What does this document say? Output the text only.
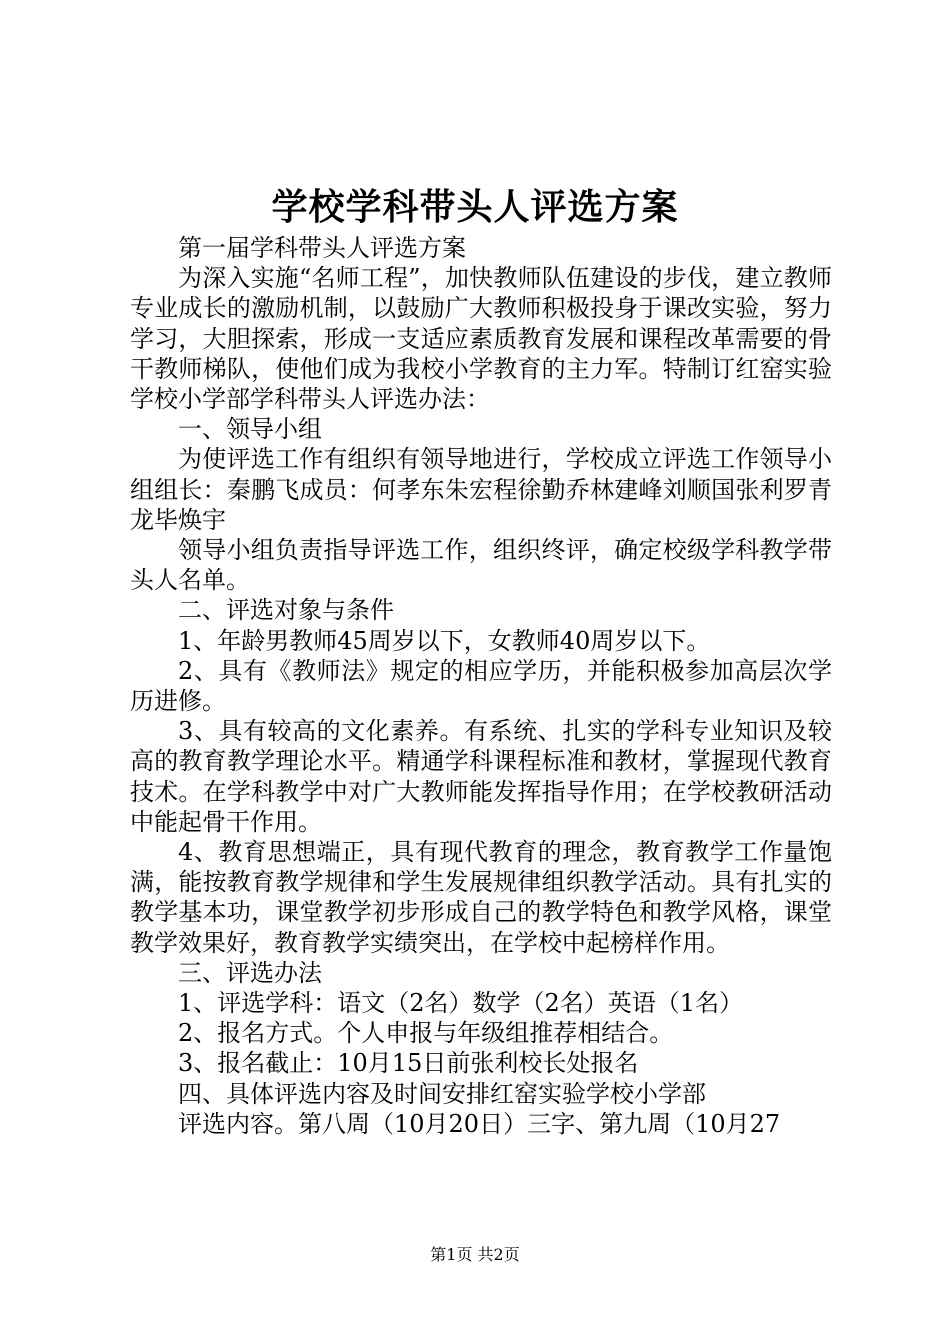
学校学科带头人评选方案

第一届学科带头人评选方案

为深入实施“名师工程”，加快教师队伍建设的步伐，建立教师专业成长的激励机制，以鼓励广大教师积极投身于课改实验，努力学习，大胆探索，形成一支适应素质教育发展和课程改革需要的骨干教师梯队，使他们成为我校小学教育的主力军。特制订红窑实验学校小学部学科带头人评选办法：

一、领导小组

为使评选工作有组织有领导地进行，学校成立评选工作领导小组组长：秦鹏飞成员：何孝东朱宏程徐勤乔林建峰刘顺国张利罗青龙毕焕宇

领导小组负责指导评选工作，组织终评，确定校级学科教学带头人名单。

二、评选对象与条件

1、年龄男教师45周岁以下，女教师40周岁以下。

2、具有《教师法》规定的相应学历，并能积极参加高层次学历进修。

3、具有较高的文化素养。有系统、扎实的学科专业知识及较高的教育教学理论水平。精通学科课程标准和教材，掌握现代教育技术。在学科教学中对广大教师能发挥指导作用；在学校教研活动中能起骨干作用。

4、教育思想端正，具有现代教育的理念，教育教学工作量饱满，能按教育教学规律和学生发展规律组织教学活动。具有扎实的教学基本功，课堂教学初步形成自己的教学特色和教学风格，课堂教学效果好，教育教学实绩突出，在学校中起榜样作用。

三、评选办法

1、评选学科：语文（2名）数学（2名）英语（1名）

2、报名方式。个人申报与年级组推荐相结合。

3、报名截止：10月15日前张利校长处报名

四、具体评选内容及时间安排红窑实验学校小学部

评选内容。第八周（10月20日）三字、第九周（10月27

第1页 共2页
